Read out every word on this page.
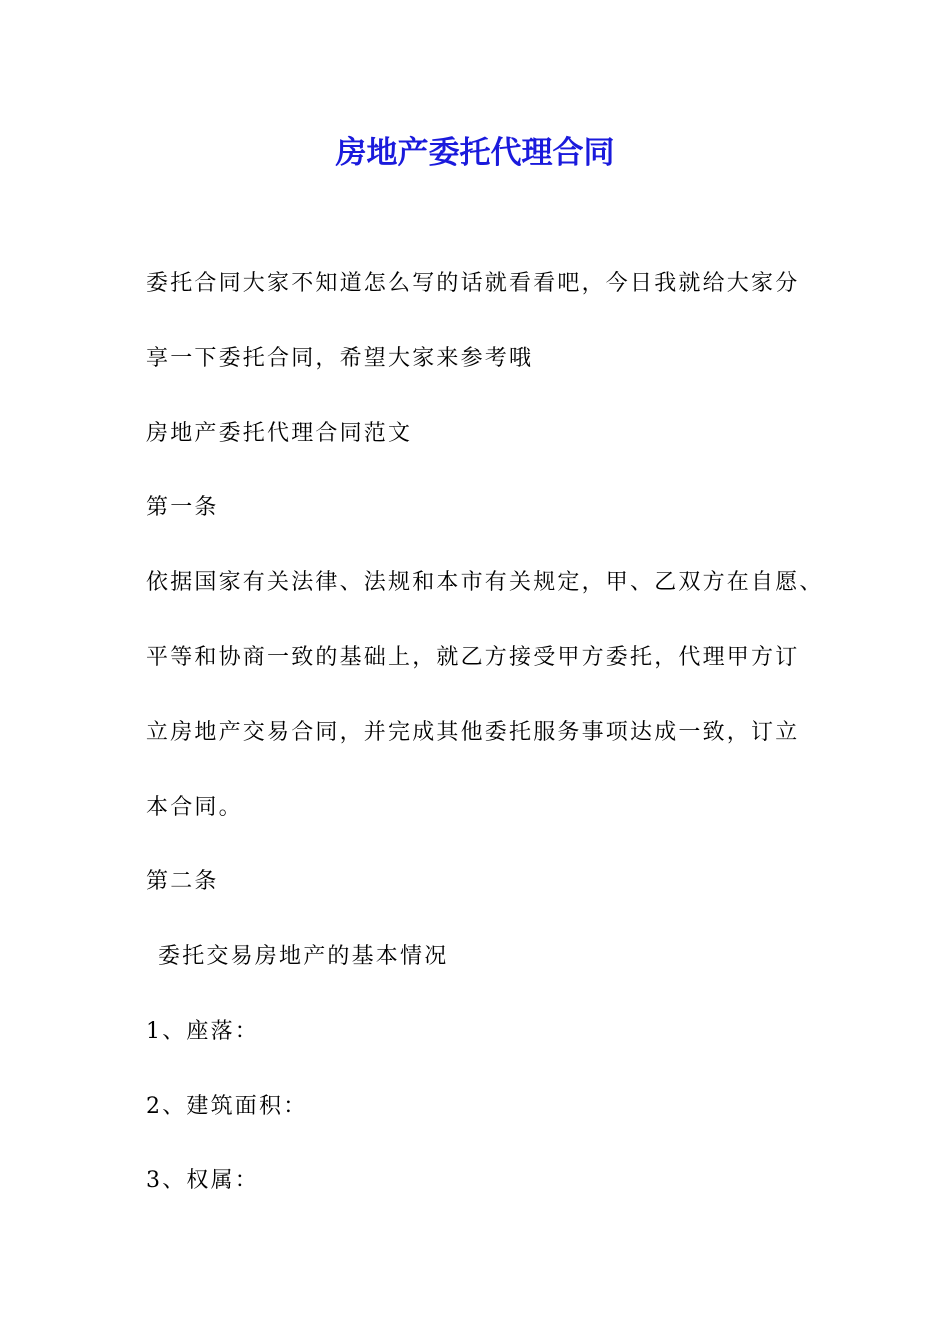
房地产委托代理合同

委托合同大家不知道怎么写的话就看看吧，今日我就给大家分

享一下委托合同，希望大家来参考哦

房地产委托代理合同范文

第一条

依据国家有关法律、法规和本市有关规定，甲、乙双方在自愿、

平等和协商一致的基础上，就乙方接受甲方委托，代理甲方订

立房地产交易合同，并完成其他委托服务事项达成一致，订立

本合同。

第二条

委托交易房地产的基本情况

1、座落：

2、建筑面积：

3、权属：
